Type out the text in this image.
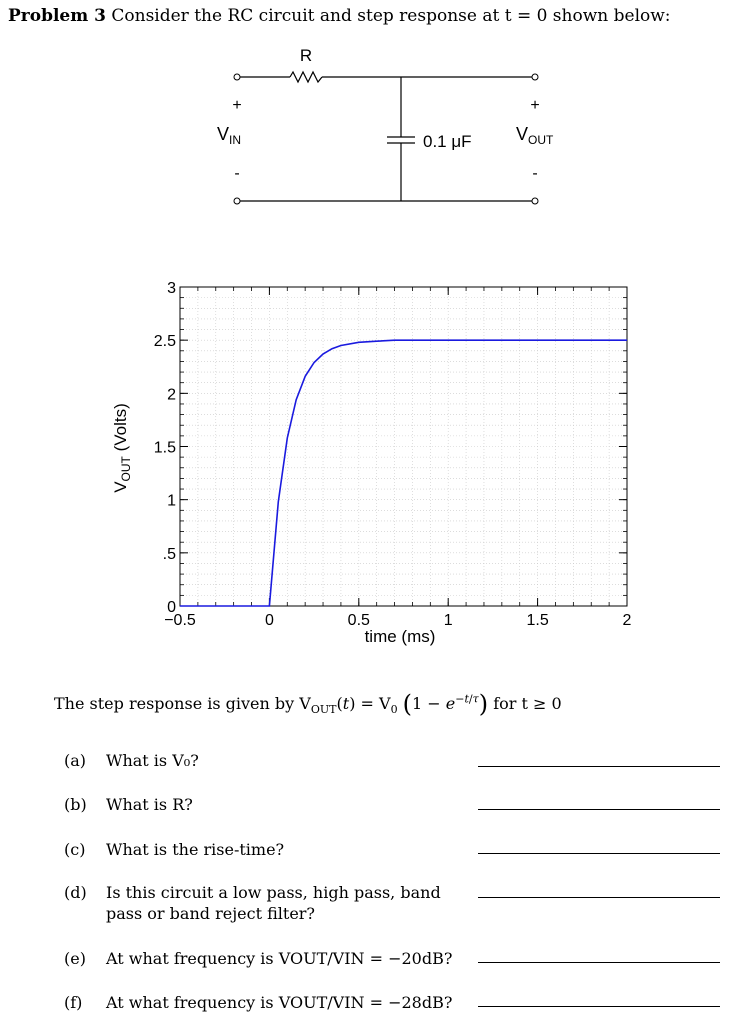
Problem 3 Consider the RC circuit and step response at t = 0 shown below:
R
+	+
-	-
$V_{IN}$	$V_{OUT}$
0.1 μF
−0.5	0	0.5	1	1.5	2
0
.5
1
1.5
2
2.5
3
time (ms)
$V_{OUT}$ (Volts)
The step response is given by $V_{OUT}(t) = V_0$ $(1 - e^{-t/\tau})$ for t ≥ 0
(a) What is V₀?
(b) What is R?
(c) What is the rise-time?
(d) Is this circuit a low pass, high pass, band pass or band reject filter?
(e) At what frequency is VOUT/VIN = −20dB?
(f) At what frequency is VOUT/VIN = −28dB?
